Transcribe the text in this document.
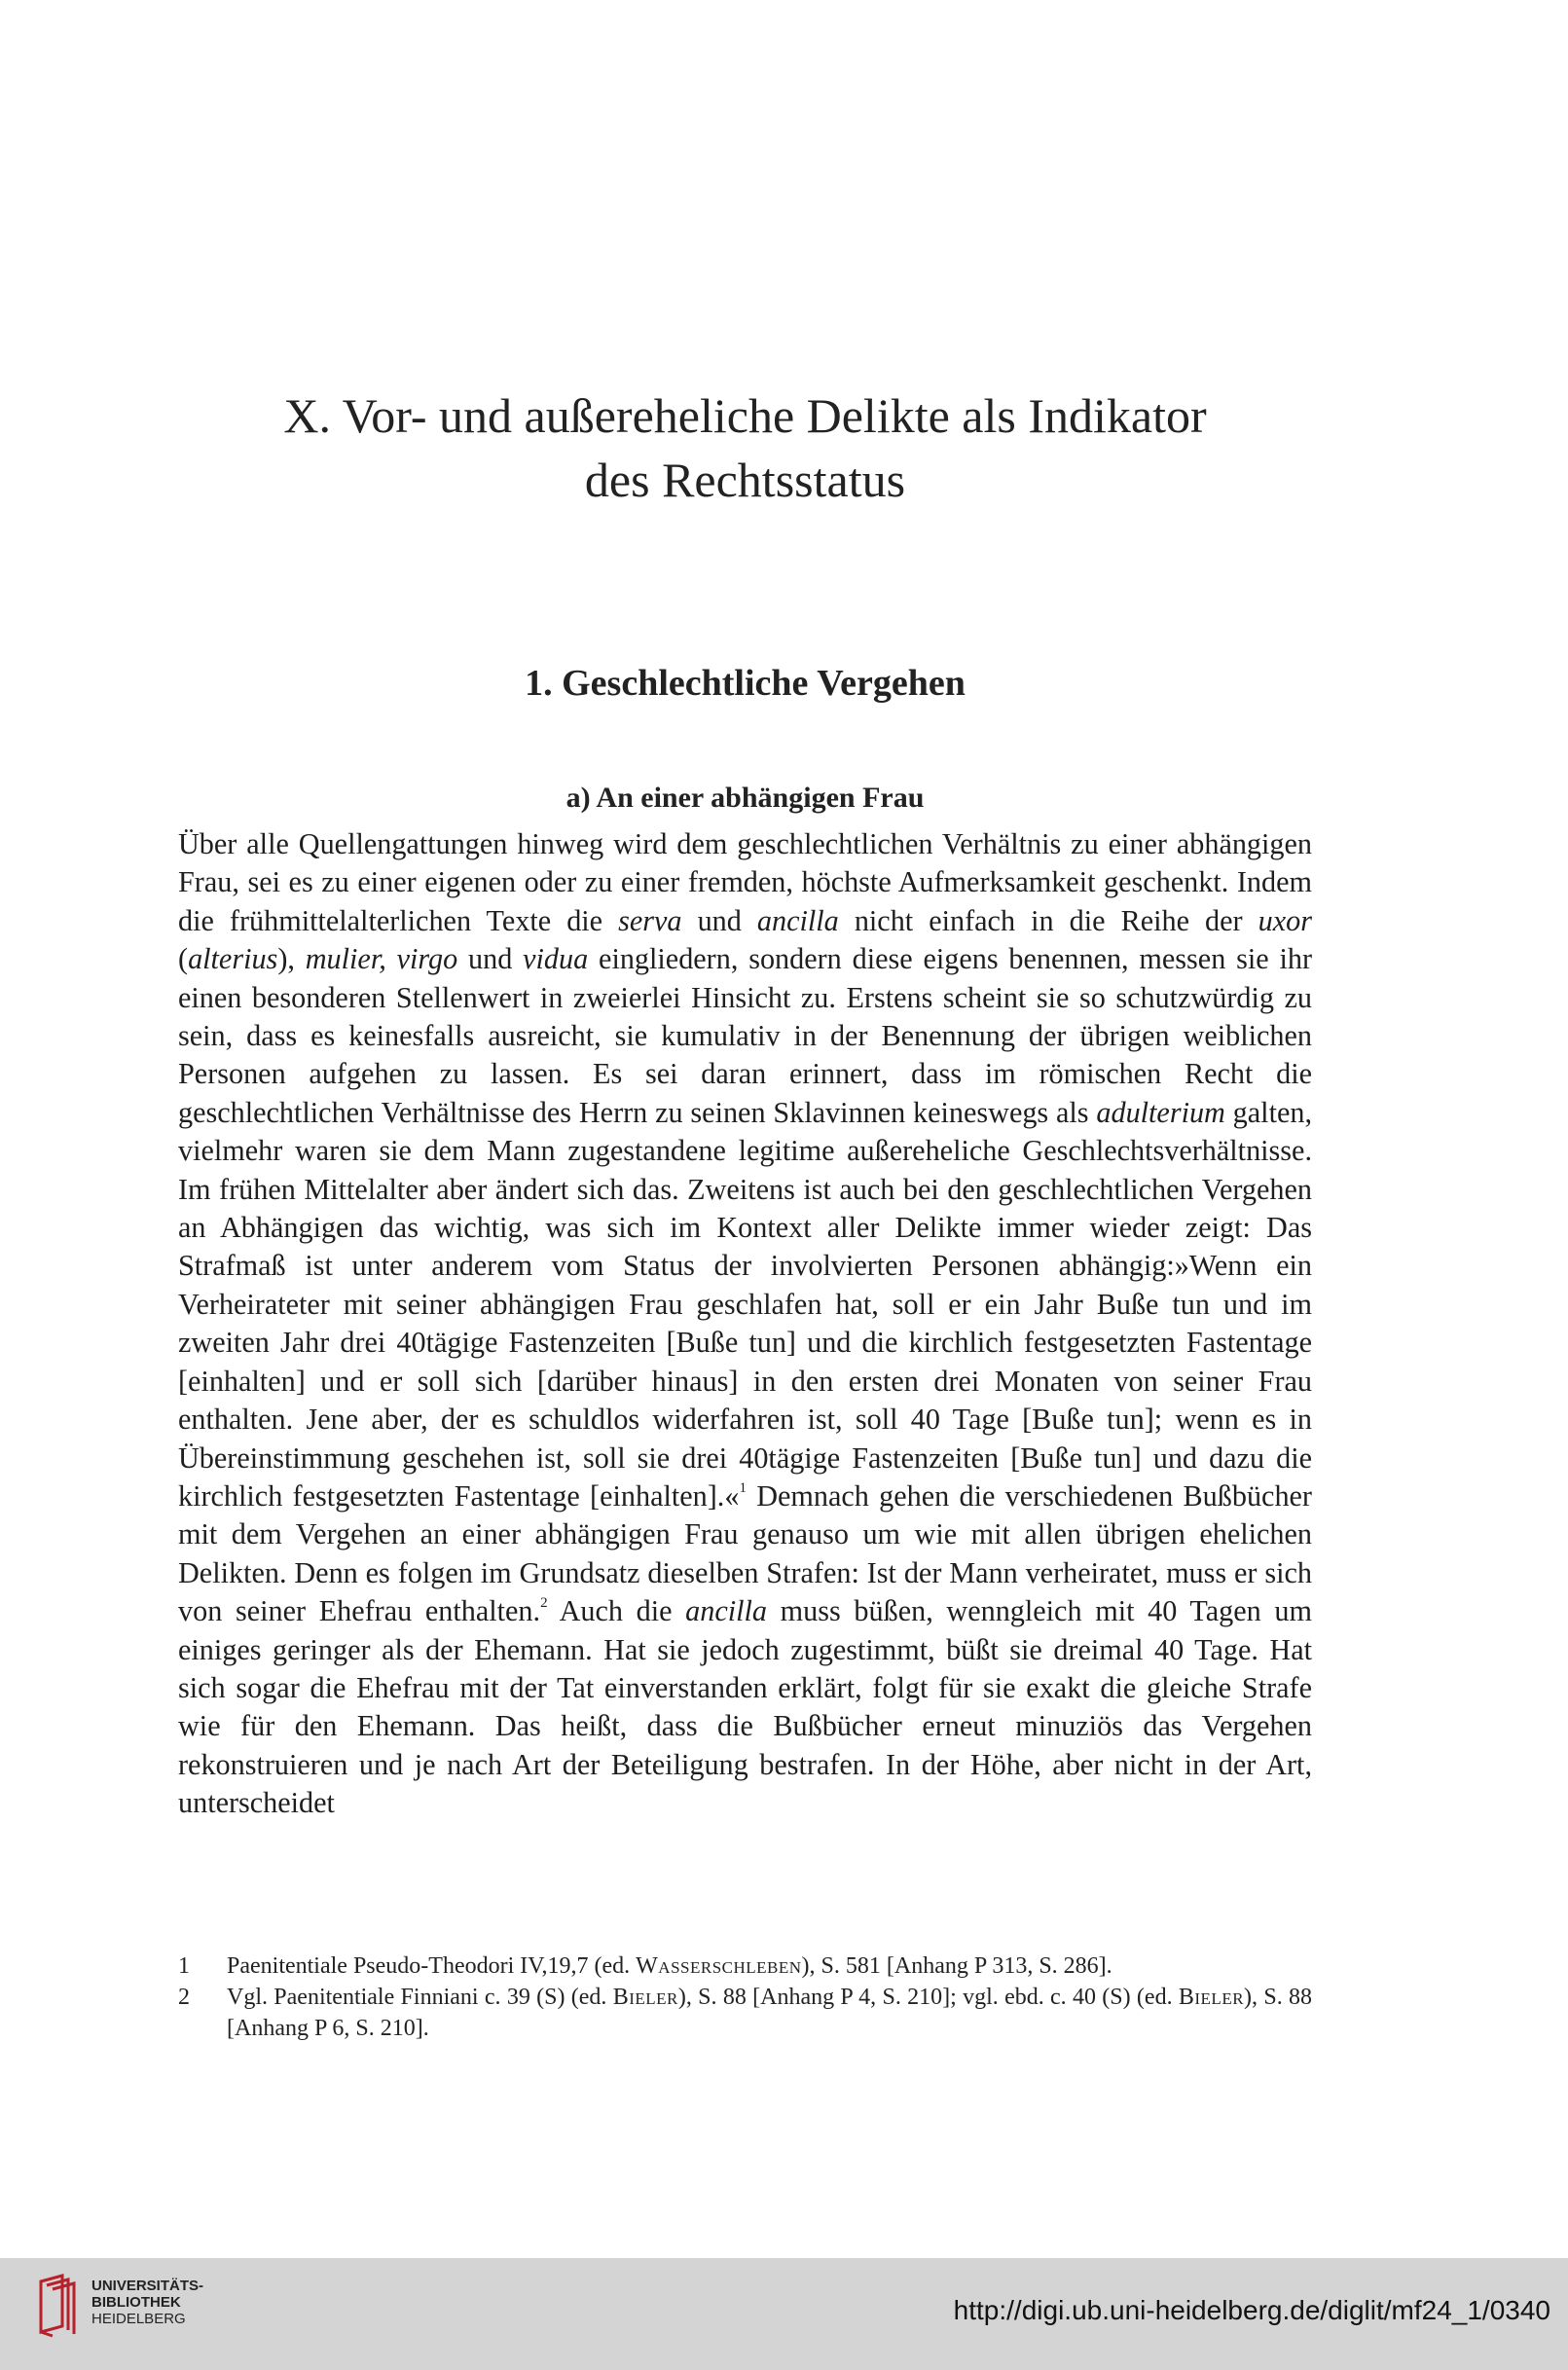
X. Vor- und außereheliche Delikte als Indikator
des Rechtsstatus
1. Geschlechtliche Vergehen
a) An einer abhängigen Frau

Über alle Quellengattungen hinweg wird dem geschlechtlichen Verhältnis zu einer abhängigen Frau, sei es zu einer eigenen oder zu einer fremden, höchste Aufmerksamkeit geschenkt. Indem die frühmittelalterlichen Texte die serva und ancilla nicht einfach in die Reihe der uxor (alterius), mulier, virgo und vidua eingliedern, sondern diese eigens benennen, messen sie ihr einen besonderen Stellenwert in zweierlei Hinsicht zu. Erstens scheint sie so schutzwürdig zu sein, dass es keinesfalls ausreicht, sie kumulativ in der Benennung der übrigen weiblichen Personen aufgehen zu lassen. Es sei daran erinnert, dass im römischen Recht die geschlechtlichen Verhältnisse des Herrn zu seinen Sklavinnen keineswegs als adulterium galten, vielmehr waren sie dem Mann zugestandene legitime außereheliche Geschlechtsverhältnisse. Im frühen Mittelalter aber ändert sich das. Zweitens ist auch bei den geschlechtlichen Vergehen an Abhängigen das wichtig, was sich im Kontext aller Delikte immer wieder zeigt: Das Strafmaß ist unter anderem vom Status der involvierten Personen abhängig:»Wenn ein Verheirateter mit seiner abhängigen Frau geschlafen hat, soll er ein Jahr Buße tun und im zweiten Jahr drei 40tägige Fastenzeiten [Buße tun] und die kirchlich festgesetzten Fastentage [einhalten] und er soll sich [darüber hinaus] in den ersten drei Monaten von seiner Frau enthalten. Jene aber, der es schuldlos widerfahren ist, soll 40 Tage [Buße tun]; wenn es in Übereinstimmung geschehen ist, soll sie drei 40tägige Fastenzeiten [Buße tun] und dazu die kirchlich festgesetzten Fastentage [einhalten].«$^1$ Demnach gehen die verschiedenen Bußbücher mit dem Vergehen an einer abhängigen Frau genauso um wie mit allen übrigen ehelichen Delikten. Denn es folgen im Grundsatz dieselben Strafen: Ist der Mann verheiratet, muss er sich von seiner Ehefrau enthalten.$^2$ Auch die ancilla muss büßen, wenngleich mit 40 Tagen um einiges geringer als der Ehemann. Hat sie jedoch zugestimmt, büßt sie dreimal 40 Tage. Hat sich sogar die Ehefrau mit der Tat einverstanden erklärt, folgt für sie exakt die gleiche Strafe wie für den Ehemann. Das heißt, dass die Bußbücher erneut minuziös das Vergehen rekonstruieren und je nach Art der Beteiligung bestrafen. In der Höhe, aber nicht in der Art, unterscheidet

1	Paenitentiale Pseudo-Theodori IV,19,7 (ed. Wasserschleben), S. 581 [Anhang P 313, S. 286].
2	Vgl. Paenitentiale Finniani c. 39 (S) (ed. Bieler), S. 88 [Anhang P 4, S. 210]; vgl. ebd. c. 40 (S) (ed. Bieler), S. 88 [Anhang P 6, S. 210].
UNIVERSITÄTS-
BIBLIOTHEK
HEIDELBERG	http://digi.ub.uni-heidelberg.de/diglit/mf24_1/0340
